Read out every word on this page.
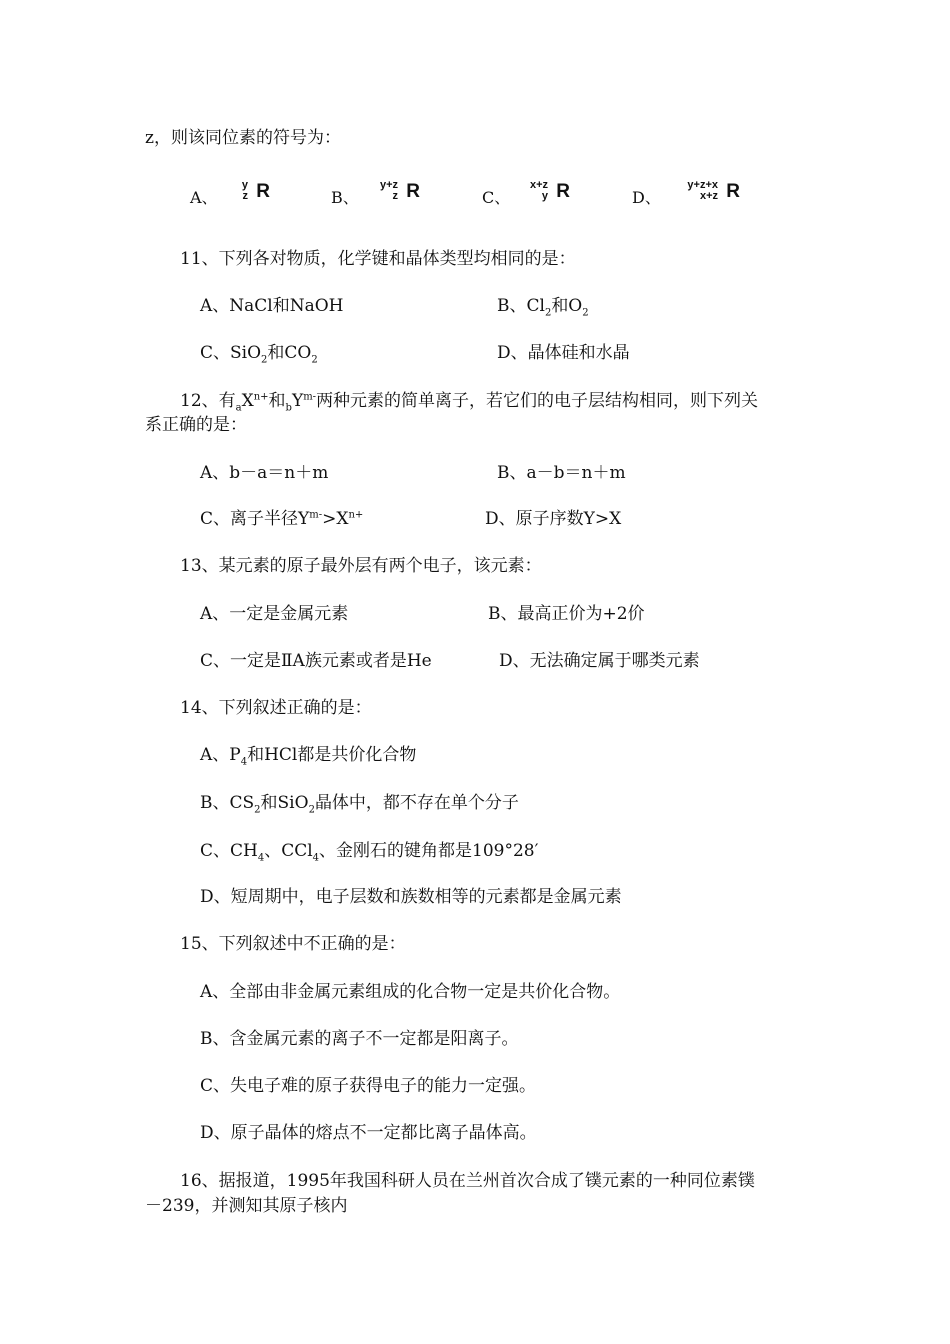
z，则该同位素的符号为：
A、
y
z R	B、
y+z
z R	C、
x+z
y R	D、
y+z+x
x+z R
11、下列各对物质，化学键和晶体类型均相同的是：
A、NaCl和NaOH	B、$Cl_2$和$O_2$
C、SiO$_2$和$CO_2$	D、晶体硅和水晶
12、有$_aX^{n+}$和$_bY^{m-}$两种元素的简单离子，若它们的电子层结构相同，则下列关
系正确的是：
A、b－a＝n＋m	B、a－b＝n＋m
C、离子半径$Y^{m-}>X^{n+}$	D、原子序数Y>X
13、某元素的原子最外层有两个电子，该元素：
A、一定是金属元素	B、最高正价为+2价
C、一定是ⅡA族元素或者是He	D、无法确定属于哪类元素
14、下列叙述正确的是：
A、$P_4$和HCl都是共价化合物
B、$CS_2$和SiO$_2$晶体中，都不存在单个分子
C、$CH_4$、CCl$_4$、金刚石的键角都是109°28′
D、短周期中，电子层数和族数相等的元素都是金属元素
15、下列叙述中不正确的是：
A、全部由非金属元素组成的化合物一定是共价化合物。
B、含金属元素的离子不一定都是阳离子。
C、失电子难的原子获得电子的能力一定强。
D、原子晶体的熔点不一定都比离子晶体高。
16、据报道，1995年我国科研人员在兰州首次合成了镤元素的一种同位素镤
－239，并测知其原子核内
